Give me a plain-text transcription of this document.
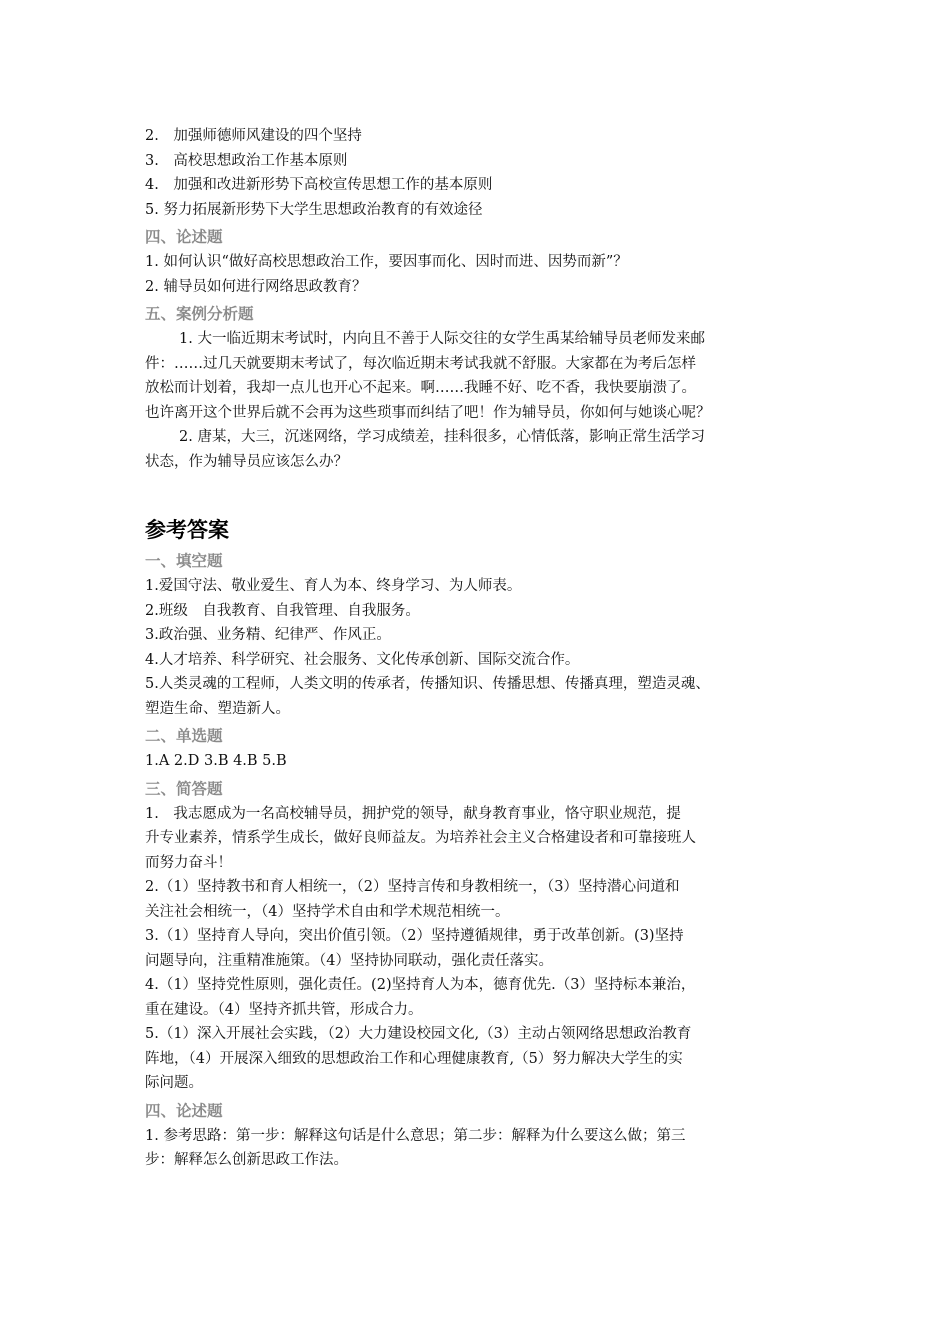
2.　加强师德师风建设的四个坚持
3.　高校思想政治工作基本原则
4.　加强和改进新形势下高校宣传思想工作的基本原则
5. 努力拓展新形势下大学生思想政治教育的有效途径
四、论述题
1. 如何认识“做好高校思想政治工作，要因事而化、因时而进、因势而新”？
2. 辅导员如何进行网络思政教育？
五、案例分析题
1. 大一临近期末考试时，内向且不善于人际交往的女学生禹某给辅导员老师发来邮
件：……过几天就要期末考试了，每次临近期末考试我就不舒服。大家都在为考后怎样
放松而计划着，我却一点儿也开心不起来。啊……我睡不好、吃不香，我快要崩溃了。
也许离开这个世界后就不会再为这些琐事而纠结了吧！作为辅导员，你如何与她谈心呢？
2. 唐某，大三，沉迷网络，学习成绩差，挂科很多，心情低落，影响正常生活学习
状态，作为辅导员应该怎么办？
参考答案
一、填空题
1.爱国守法、敬业爱生、育人为本、终身学习、为人师表。
2.班级　自我教育、自我管理、自我服务。
3.政治强、业务精、纪律严、作风正。
4.人才培养、科学研究、社会服务、文化传承创新、国际交流合作。
5.人类灵魂的工程师，人类文明的传承者，传播知识、传播思想、传播真理，塑造灵魂、
塑造生命、塑造新人。
二、单选题
1.A 2.D 3.B 4.B 5.B
三、简答题
1.　我志愿成为一名高校辅导员，拥护党的领导，献身教育事业，恪守职业规范，提
升专业素养，情系学生成长，做好良师益友。为培养社会主义合格建设者和可靠接班人
而努力奋斗！
2.（1）坚持教书和育人相统一，（2）坚持言传和身教相统一，（3）坚持潜心问道和
关注社会相统一，（4）坚持学术自由和学术规范相统一。
3.（1）坚持育人导向，突出价值引领。（2）坚持遵循规律，勇于改革创新。(3)坚持
问题导向，注重精准施策。（4）坚持协同联动，强化责任落实。
4.（1）坚持党性原则，强化责任。(2)坚持育人为本，德育优先.（3）坚持标本兼治，
重在建设。（4）坚持齐抓共管，形成合力。
5.（1）深入开展社会实践，（2）大力建设校园文化,（3）主动占领网络思想政治教育
阵地，（4）开展深入细致的思想政治工作和心理健康教育,（5）努力解决大学生的实
际问题。
四、论述题
1. 参考思路：第一步：解释这句话是什么意思；第二步：解释为什么要这么做；第三
步：解释怎么创新思政工作法。
